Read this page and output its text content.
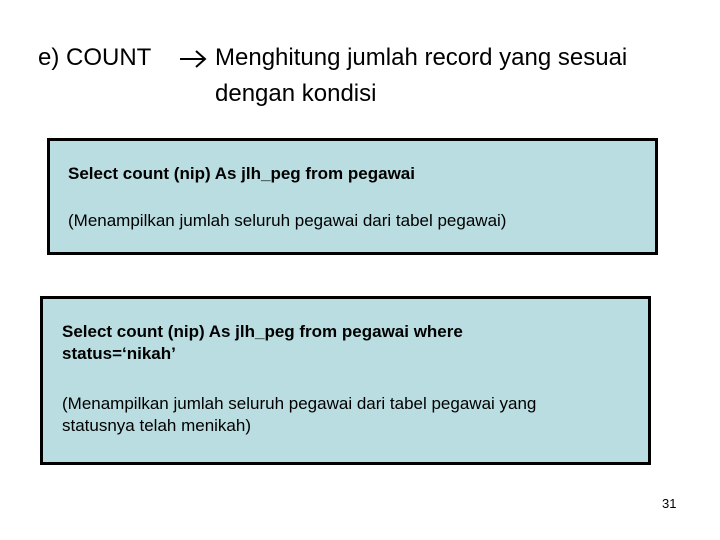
e) COUNT	Menghitung jumlah record yang sesuai
dengan kondisi
Select count (nip) As jlh_peg from pegawai
(Menampilkan jumlah seluruh pegawai dari tabel pegawai)
Select count (nip) As jlh_peg from pegawai where
status=‘nikah’
(Menampilkan jumlah seluruh pegawai dari tabel pegawai yang
statusnya telah menikah)
31
